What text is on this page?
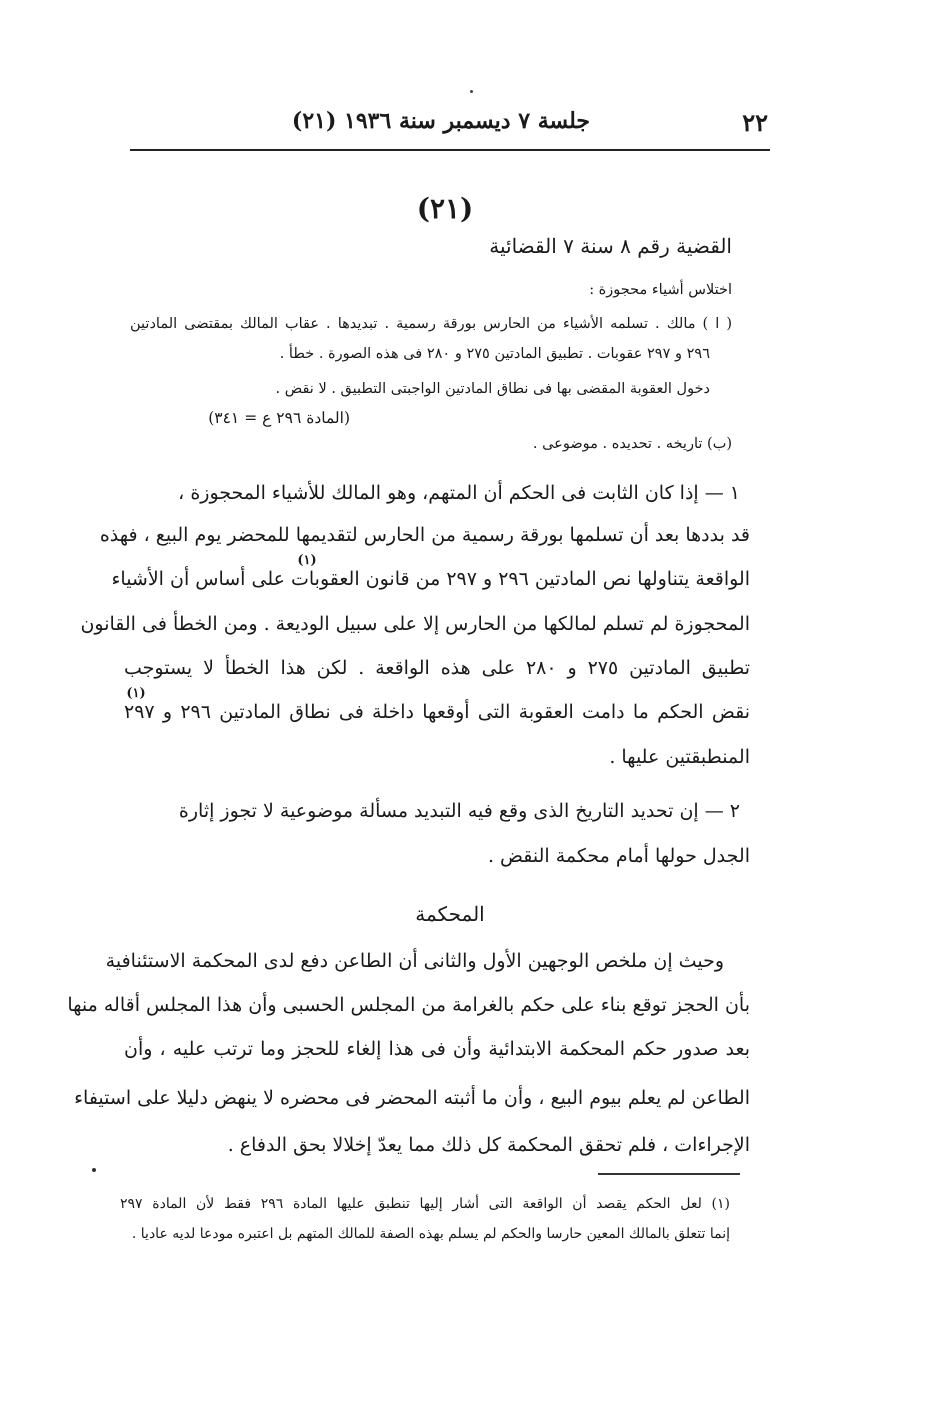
٢٢
جلسة ٧ ديسمبر سنة ١٩٣٦ (٢١)
(٢١)
القضية رقم ٨ سنة ٧ القضائية
اختلاس أشياء محجوزة :
( ا ) مالك . تسلمه الأشياء من الحارس بورقة رسمية . تبديدها . عقاب المالك بمقتضى المادتين
٢٩٦ و ٢٩٧ عقوبات . تطبيق المادتين ٢٧٥ و ٢٨٠ فى هذه الصورة . خطأ .
دخول العقوبة المقضى بها فى نطاق المادتين الواجبتى التطبيق . لا نقض .
(المادة ٢٩٦ ع = ٣٤١)
(ب) تاريخه . تحديده . موضوعى .
(١)
(١)
١ — إذا كان الثابت فى الحكم أن المتهم، وهو المالك للأشياء المحجوزة ،
قد بددها بعد أن تسلمها بورقة رسمية من الحارس لتقديمها للمحضر يوم البيع ، فهذه
الواقعة يتناولها نص المادتين ٢٩٦ و ٢٩٧ من قانون العقوبات على أساس أن الأشياء
المحجوزة لم تسلم لمالكها من الحارس إلا على سبيل الوديعة . ومن الخطأ فى القانون
تطبيق المادتين ٢٧٥ و ٢٨٠ على هذه الواقعة . لكن هذا الخطأ لا يستوجب
نقض الحكم ما دامت العقوبة التى أوقعها داخلة فى نطاق المادتين ٢٩٦ و ٢٩٧
المنطبقتين عليها .
٢ — إن تحديد التاريخ الذى وقع فيه التبديد مسألة موضوعية لا تجوز إثارة
الجدل حولها أمام محكمة النقض .
المحكمة
وحيث إن ملخص الوجهين الأول والثانى أن الطاعن دفع لدى المحكمة الاستئنافية
بأن الحجز توقع بناء على حكم بالغرامة من المجلس الحسبى وأن هذا المجلس أقاله منها
بعد صدور حكم المحكمة الابتدائية وأن فى هذا إلغاء للحجز وما ترتب عليه ، وأن
الطاعن لم يعلم بيوم البيع ، وأن ما أثبته المحضر فى محضره لا ينهض دليلا على استيفاء
الإجراءات ، فلم تحقق المحكمة كل ذلك مما يعدّ إخلالا بحق الدفاع .
(١) لعل الحكم يقصد أن الواقعة التى أشار إليها تنطبق عليها المادة ٢٩٦ فقط لأن المادة ٢٩٧
إنما تتعلق بالمالك المعين حارسا والحكم لم يسلم بهذه الصفة للمالك المتهم بل اعتبره مودعا لديه عاديا .
